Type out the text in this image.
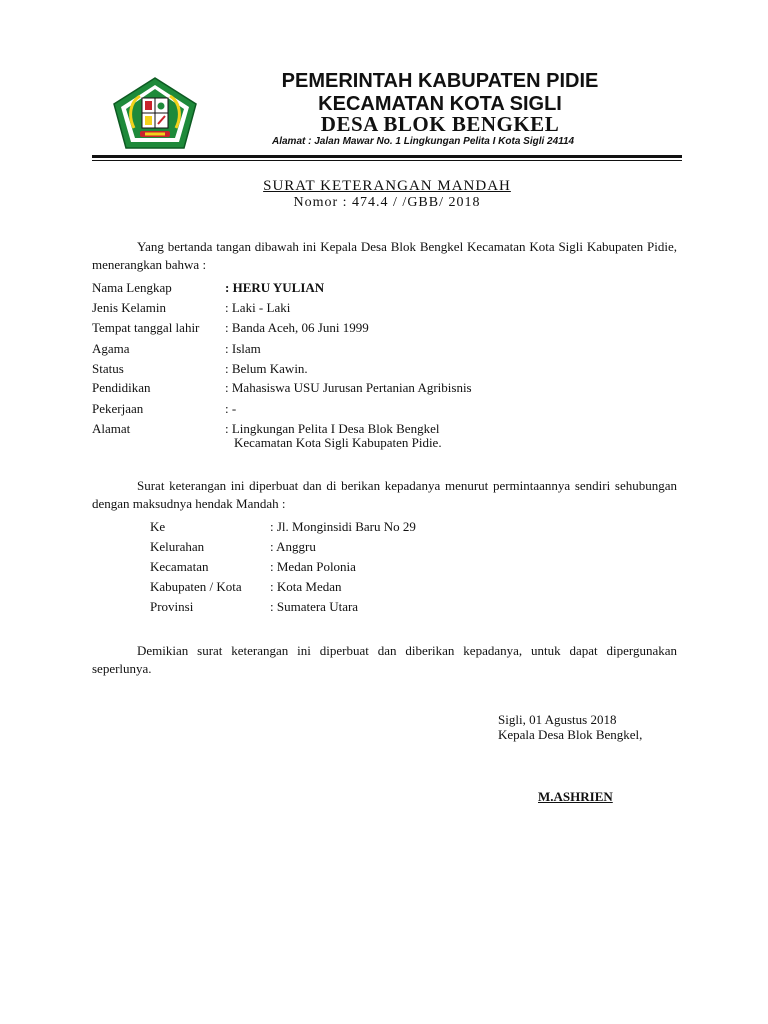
PEMERINTAH KABUPATEN PIDIE
KECAMATAN KOTA SIGLI
DESA BLOK BENGKEL
Alamat : Jalan Mawar No. 1 Lingkungan Pelita I Kota Sigli 24114
SURAT KETERANGAN MANDAH
Nomor : 474.4 / /GBB/ 2018
Yang bertanda tangan dibawah ini Kepala Desa Blok Bengkel Kecamatan Kota Sigli Kabupaten Pidie, menerangkan bahwa :
Nama Lengkap	: HERU YULIAN
Jenis Kelamin	: Laki - Laki
Tempat tanggal lahir : Banda Aceh, 06 Juni 1999
Agama	: Islam
Status	: Belum Kawin.
Pendidikan	: Mahasiswa USU Jurusan Pertanian Agribisnis
Pekerjaan	: -
Alamat	: Lingkungan Pelita I Desa Blok Bengkel
Kecamatan Kota Sigli Kabupaten Pidie.
Surat keterangan ini diperbuat dan di berikan kepadanya menurut permintaannya sendiri sehubungan dengan maksudnya hendak Mandah :
Ke	: Jl. Monginsidi Baru No 29
Kelurahan	: Anggru
Kecamatan	: Medan Polonia
Kabupaten / Kota : Kota Medan
Provinsi	: Sumatera Utara
Demikian surat keterangan ini diperbuat dan diberikan kepadanya, untuk dapat dipergunakan seperlunya.
Sigli, 01 Agustus 2018
Kepala Desa Blok Bengkel,
M.ASHRIEN
